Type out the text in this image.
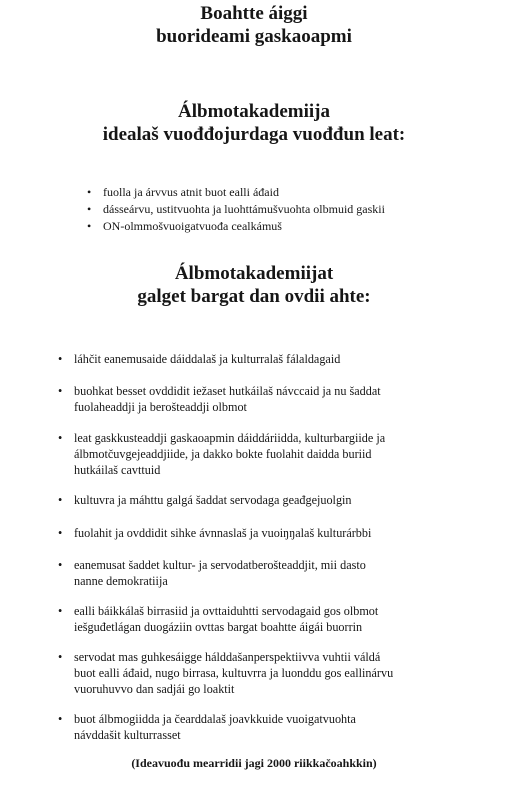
Boahtte áiggi
buorideami gaskaoapmi
Álbmotakademiija
idealaš vuođđojurdaga vuođđun leat:
• fuolla ja árvvus atnit buot ealli áđaid
• dásseárvu, ustitvuohta ja luohttámušvuohta olbmuid gaskii
• ON-olmmošvuoigatvuođa cealkámuš
Álbmotakademiijat
galget bargat dan ovdii ahte:
• láhčit eanemusaide dáiddalaš ja kulturralaš fálaldagaid
• buohkat besset ovddidit iežaset hutkáilaš návccaid ja nu šaddat
fuolaheaddji ja berošteaddji olbmot
• leat gaskkusteaddji gaskaoapmin dáiddáriidda, kulturbargiide ja
álbmotčuvgejeaddjiide, ja dakko bokte fuolahit daidda buriid
hutkáilaš cavttuid
• kultuvra ja máhttu galgá šaddat servodaga geađgejuolgin
• fuolahit ja ovddidit sihke ávnnaslaš ja vuoiŋŋalaš kulturárbbi
• eanemusat šaddet kultur- ja servodatberošteaddjit, mii dasto
nanne demokratiija
• ealli báikkálaš birrasiid ja ovttaiduhtti servodagaid gos olbmot
iešguđetlágan duogáziin ovttas bargat boahtte áigái buorrin
• servodat mas guhkesáigge hálddašanperspektiivva vuhtii váldá
buot ealli áđaid, nugo birrasa, kultuvrra ja luonddu gos eallinárvu
vuoruhuvvo dan sadjái go loaktit
• buot álbmogiidda ja čearddalaš joavkkuide vuoigatvuohta
návddašit kulturrasset
(Ideavuođu mearridii jagi 2000 riikkačoahkkin)
